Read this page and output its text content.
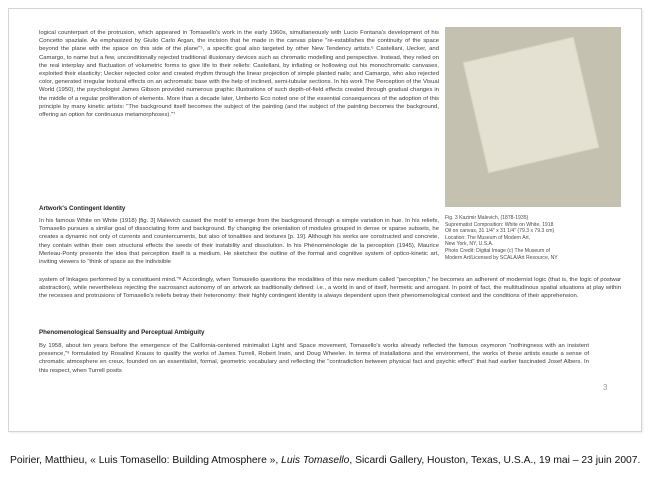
logical counterpart of the protrusion, which appeared in Tomasello's work in the early 1960s, simultaneously with Lucio Fontana's development of his Concetto spaziale. As emphasized by Giulio Carlo Argan, the incision that he made in the canvas plane "re-establishes the continuity of the space beyond the plane with the space on this side of the plane"⁵, a specific goal also targeted by other New Tendency artists.⁶ Castellani, Uecker, and Camargo, to name but a few, unconditionally rejected traditional illusionary devices such as chromatic modelling and perspective. Instead, they relied on the real interplay and fluctuation of volumetric forms to give life to their reliefs: Castellani, by infiating or hollowing out his monochromatic canvases, exploited their elasticity; Uecker rejected color and created rhythm through the linear projection of simple planted nails; and Camargo, who also rejected color, generated irregular textural effects on an achromatic base with the help of inclined, semi-tubular sections. In his work The Perception of the Visual World (1950), the psychologist James Gibson provided numerous graphic illustrations of such depth-of-field effects created through gradual changes in the middle of a regular proliferation of elements. More than a decade later, Umberto Eco noted one of the essential consequences of the adoption of this principle by many kinetic artists: "The background itself becomes the subject of the painting (and the subject of the painting becomes the background, offering an option for continuous metamorphoses)."⁷

Fig. 3 Kazimir Malevich, (1878-1935)
Suprematist Composition: White on White, 1918
Oil on canvas, 31 1/4" x 31 1/4" (79.3 x 79.3 cm)
Location: The Museum of Modern Art,
New York, NY, U.S.A.
Photo Credit: Digital Image (c) The Museum of
Modern Art/Licensed by SCALA/Art Resource, NY
Artwork's Contingent Identity

In his famous White on White (1918) [fig. 3] Malevich caused the motif to emerge from the background through a simple variation in hue. In his reliefs, Tomasello pursues a similar goal of dissociating form and background. By changing the orientation of modules grouped in dense or sparse subsets, he creates a dynamic not only of currents and countercurrents, but also of tonalities and textures [p. 19]. Although his works are constructed and concrete, they contain within their own structural effects the seeds of their instability and dissolution. In his Phénoménologie de la perception (1945), Maurice Merleau-Ponty presents the idea that perception itself is a medium. He sketches the outline of the formal and cognitive system of optico-kinetic art, inviting viewers to "think of space as the indivisible

system of linkages performed by a constituent mind."⁸ Accordingly, when Tomasello questions the modalities of this new medium called "perception," he becomes an adherent of modernist logic (that is, the logic of postwar abstraction), while nevertheless rejecting the sacrosanct autonomy of an artwork as traditionally defined: i.e., a world in and of itself, hermetic and arrogant. In point of fact, the multitudinous spatial situations at play within the recesses and protrusions of Tomasello's reliefs betray their heteronomy: their highly contingent identity is always dependent upon their phenomenological context and the conditions of their apprehension.

Phenomenological Sensuality and Perceptual Ambiguity

By 1958, about ten years before the emergence of the California-centered minimalist Light and Space movement, Tomasello's works already reflected the famous oxymoron "nothingness with an insistent presence,"⁹ formulated by Rosalind Krauss to qualify the works of James Turrell, Robert Irwin, and Doug Wheeler. In terms of installations and the environment, the works of these artists exude a sense of chromatic atmosphere en creux, founded on an essentialist, formal, geometric vocabulary and reflecting the "contradiction between physical fact and psychic effect" that had earlier fascinated Josef Albers. In this respect, when Turrell posits

3
Poirier, Matthieu, « Luis Tomasello: Building Atmosphere », Luis Tomasello, Sicardi Gallery, Houston, Texas, U.S.A., 19 mai – 23 juin 2007.
